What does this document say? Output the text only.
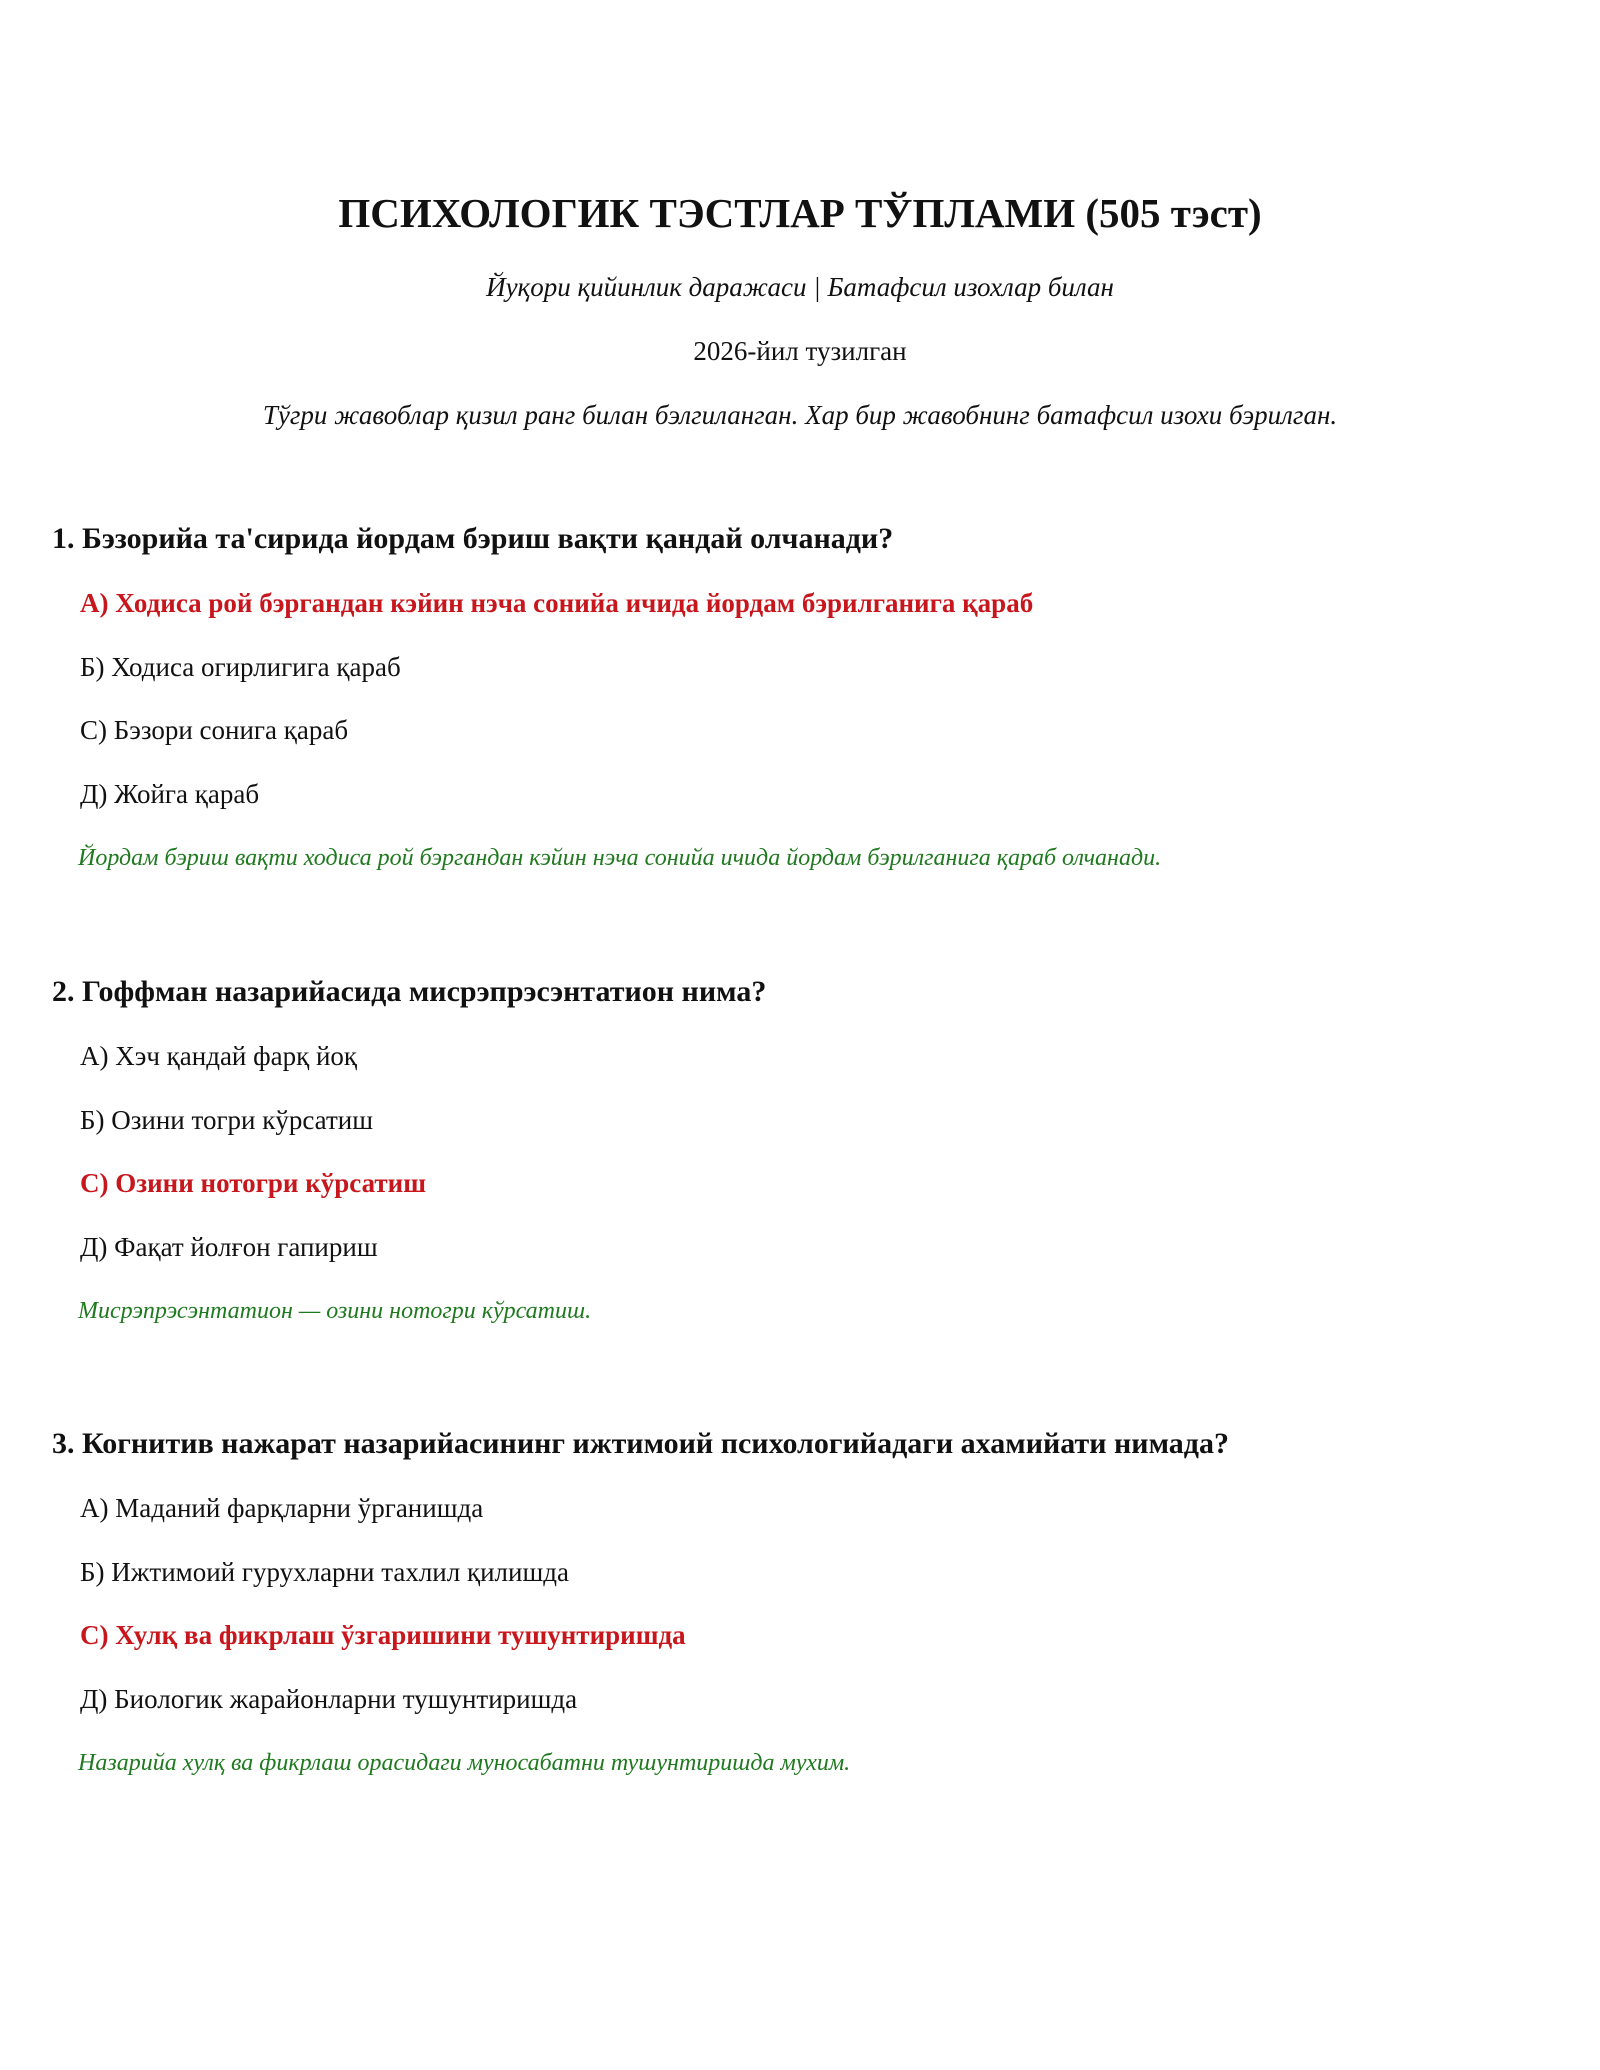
ПСИХОЛОГИК ТЭСТЛАР ТЎПЛАМИ (505 тэст)
Йуқори қийинлик даражаси | Батафсил изохлар билан
2026-йил тузилган
Тўгри жавоблар қизил ранг билан бэлгиланган. Хар бир жавобнинг батафсил изохи бэрилган.
1. Бэзорийа та'сирида йордам бэриш вақти қандай олчанади?
А) Ходиса рой бэргандан кэйин нэча сонийа ичида йордам бэрилганига қараб
Б) Ходиса огирлигига қараб
С) Бэзори сонига қараб
Д) Жойга қараб
Йордам бэриш вақти ходиса рой бэргандан кэйин нэча сонийа ичида йордам бэрилганига қараб олчанади.
2. Гоффман назарийасида мисрэпрэсэнтатион нима?
А) Хэч қандай фарқ йоқ
Б) Озини тогри кўрсатиш
С) Озини нотогри кўрсатиш
Д) Фақат йолғон гапириш
Мисрэпрэсэнтатион — озини нотогри кўрсатиш.
3. Когнитив нажарат назарийасининг ижтимоий психологийадаги ахамийати нимада?
А) Маданий фарқларни ўрганишда
Б) Ижтимоий гурухларни тахлил қилишда
С) Хулқ ва фикрлаш ўзгаришини тушунтиришда
Д) Биологик жарайонларни тушунтиришда
Назарийа хулқ ва фикрлаш орасидаги муносабатни тушунтиришда мухим.
